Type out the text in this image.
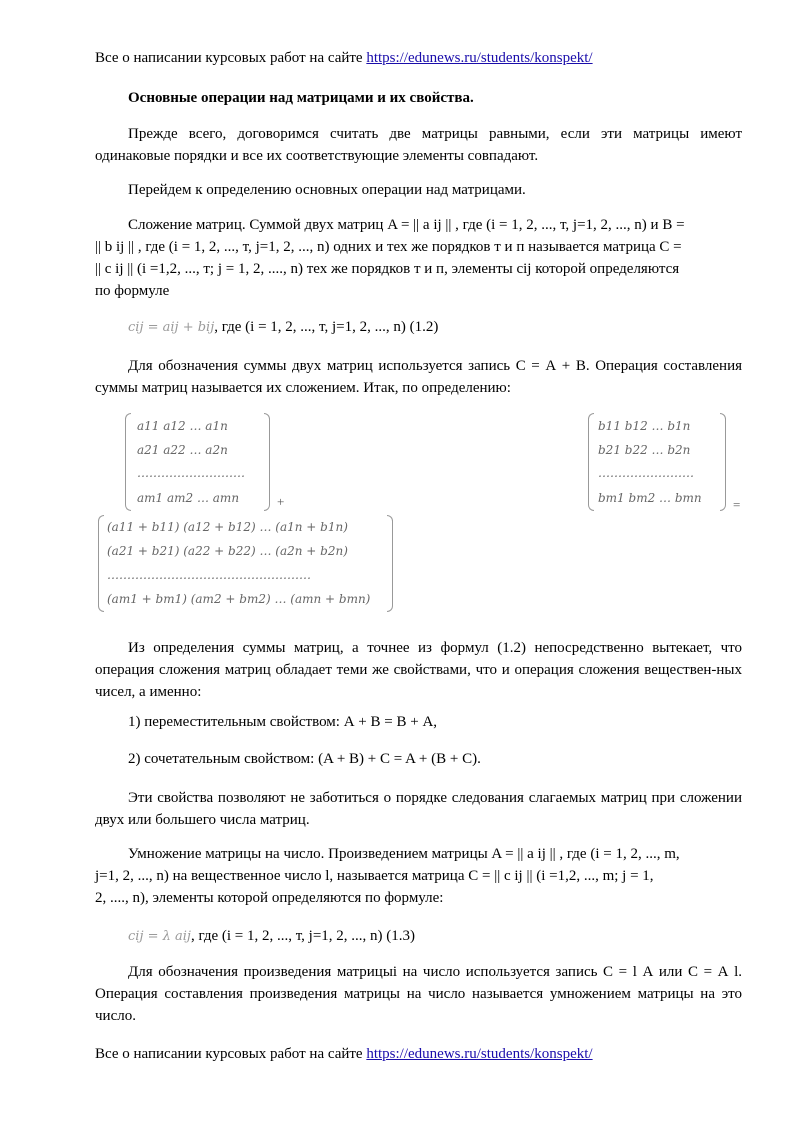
Все о написании курсовых работ на сайте https://edunews.ru/students/konspekt/

Основные операции над матрицами и их свойства.

Прежде всего, договоримся считать две матрицы равными, если эти матрицы имеют одинаковые порядки и все их соответствующие элементы совпадают.

Перейдем к определению основных операции над матрицами.

Сложение матриц. Суммой двух матриц A = || a ij || , где (i = 1, 2, ..., т, j=1, 2, ..., n) и B =

|| b ij || , где (i = 1, 2, ..., т, j=1, 2, ..., n) одних и тех же порядков т и п называется матрица С =

|| c ij || (i =1,2, ..., т; j = 1, 2, ...., n) тех же порядков т и п, элементы cij которой определяются

по формуле

cij = aij + bij, где (i = 1, 2, ..., т, j=1, 2, ..., n) (1.2)

Для обозначения суммы двух матриц используется запись С = А + В. Операция составления суммы матриц называется их сложением. Итак, по определению:

a11 a12 … a1n
a21 a22 … a2n
………………………
am1 am2 … amn	+
b11 b12 … b1n
b21 b22 … b2n
……………………
bm1 bm2 … bmn =
(a11 + b11) (a12 + b12) … (a1n + b1n)
(a21 + b21) (a22 + b22) … (a2n + b2n)
……………………………………………
(am1 + bm1) (am2 + bm2) … (amn + bmn)

Из определения суммы матриц, а точнее из формул (1.2) непосредственно вытекает, что операция сложения матриц обладает теми же свойствами, что и операция сложения веществен-ных чисел, а именно:

1) переместительным свойством: А + В = В + А,

2) сочетательным свойством: (A + B) + C = A + (B + C).

Эти свойства позволяют не заботиться о порядке следования слагаемых матриц при сложении двух или большего числа матриц.

Умножение матрицы на число. Произведением матрицы A = || a ij || , где (i = 1, 2, ..., m,

j=1, 2, ..., n) на вещественное число l, называется матрица С = || c ij || (i =1,2, ..., m; j = 1,

2, ...., n), элементы которой определяются по формуле:

cij = λ aij, где (i = 1, 2, ..., т, j=1, 2, ..., n) (1.3)

Для обозначения произведения матрицыі на число используется запись С = l А или С = А l. Операция составления произведения матрицы на число называется умножением матрицы на это число.

Все о написании курсовых работ на сайте https://edunews.ru/students/konspekt/
